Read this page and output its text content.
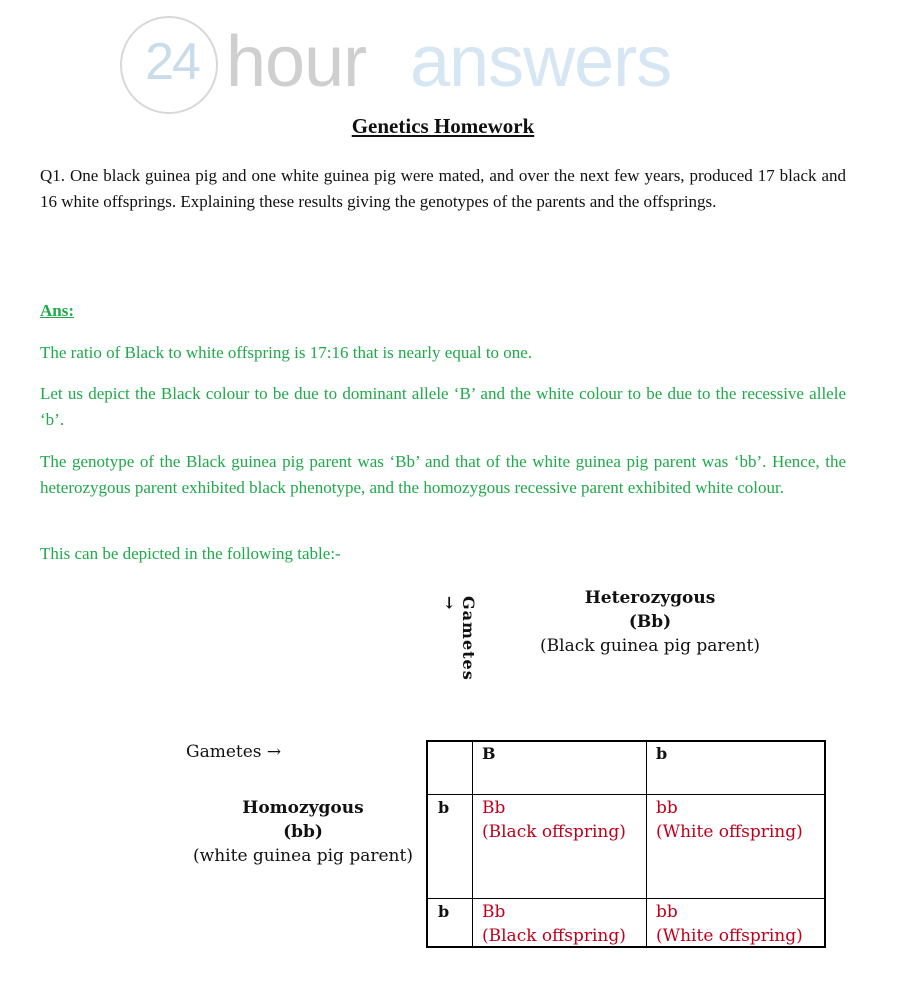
24 hour answers
Genetics Homework
Q1. One black guinea pig and one white guinea pig were mated, and over the next few years, produced 17 black and 16 white offsprings. Explaining these results giving the genotypes of the parents and the offsprings.
Ans:
The ratio of Black to white offspring is 17:16 that is nearly equal to one.
Let us depict the Black colour to be due to dominant allele ‘B’ and the white colour to be due to the recessive allele ‘b’.
The genotype of the Black guinea pig parent was ‘Bb’ and that of the white guinea pig parent was ‘bb’. Hence, the heterozygous parent exhibited black phenotype, and the homozygous recessive parent exhibited white colour.
This can be depicted in the following table:-
Gametes →	Heterozygous
(Bb)
(Black guinea pig parent)
Gametes →
Homozygous
(bb)
(white guinea pig parent)
B	b
b
b
Bb
(Black offspring)
bb
(White offspring)
Bb
(Black offspring)
bb
(White offspring)
